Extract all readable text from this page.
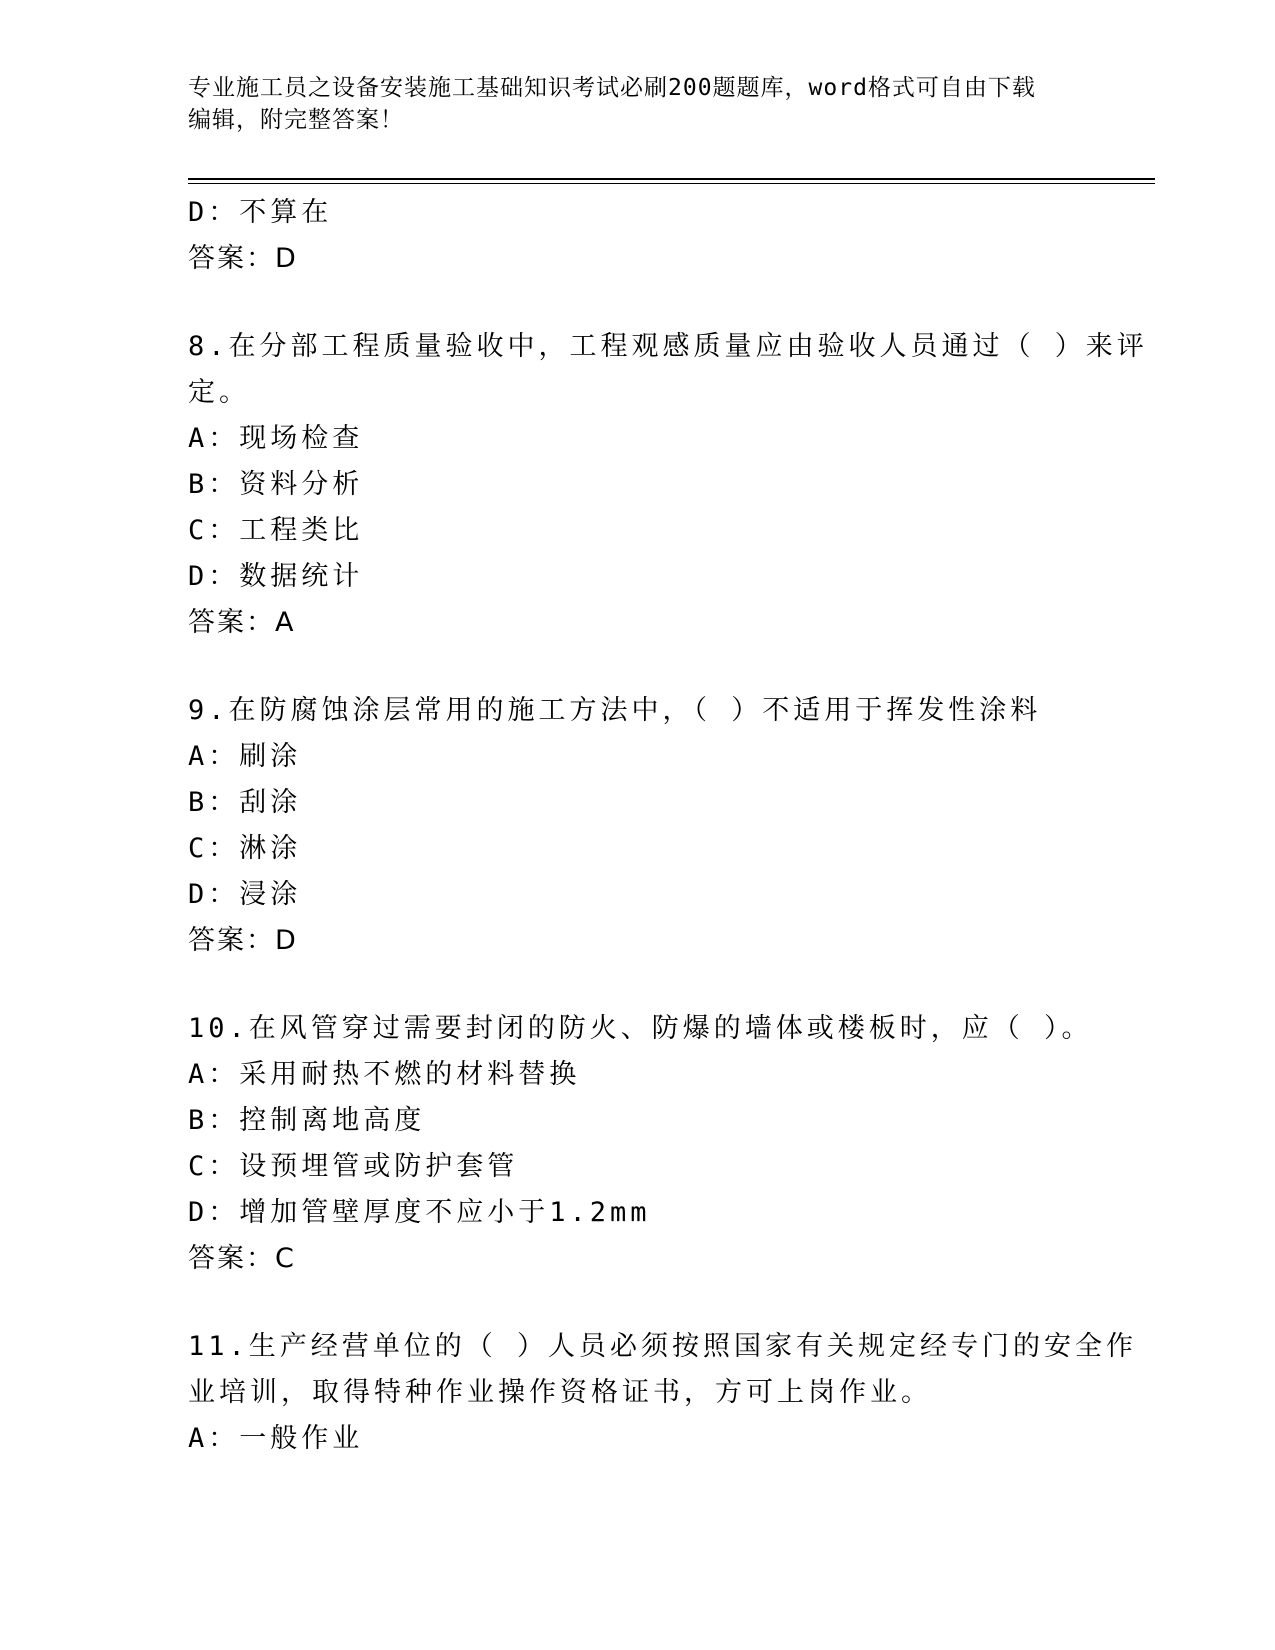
专业施工员之设备安装施工基础知识考试必刷200题题库，word格式可自由下载
编辑，附完整答案！
D：不算在
答案：D
8.在分部工程质量验收中，工程观感质量应由验收人员通过（ ）来评
定。
A：现场检查
B：资料分析
C：工程类比
D：数据统计
答案：A
9.在防腐蚀涂层常用的施工方法中，（ ）不适用于挥发性涂料
A：刷涂
B：刮涂
C：淋涂
D：浸涂
答案：D
10.在风管穿过需要封闭的防火、防爆的墙体或楼板时，应（ ）。
A：采用耐热不燃的材料替换
B：控制离地高度
C：设预埋管或防护套管
D：增加管壁厚度不应小于1.2mm
答案：C
11.生产经营单位的（ ）人员必须按照国家有关规定经专门的安全作
业培训，取得特种作业操作资格证书，方可上岗作业。
A：一般作业
